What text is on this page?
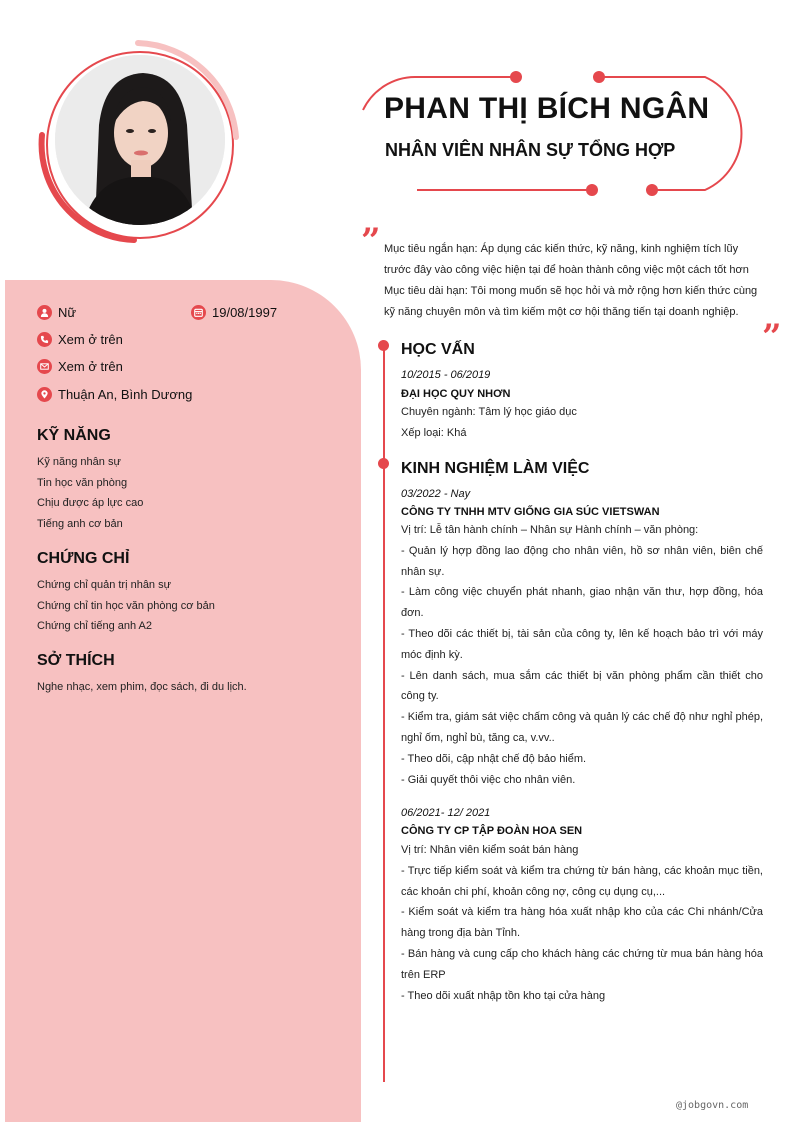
PHAN THỊ BÍCH NGÂN
NHÂN VIÊN NHÂN SỰ TỔNG HỢP
” Mục tiêu ngắn hạn: Áp dụng các kiến thức, kỹ năng, kinh nghiệm tích lũy trước đây vào công việc hiện tại để hoàn thành công việc một cách tốt hơn

Mục tiêu dài hạn: Tôi mong muốn sẽ học hỏi và mở rộng hơn kiến thức cùng kỹ năng chuyên môn và tìm kiếm một cơ hội thăng tiến tại doanh nghiệp.

”
Nữ	19/08/1997
Xem ở trên
Xem ở trên
Thuận An, Bình Dương
KỸ NĂNG
Kỹ năng nhân sự
Tin học văn phòng
Chịu được áp lực cao
Tiếng anh cơ bản
CHỨNG CHỈ
Chứng chỉ quản trị nhân sự
Chứng chỉ tin học văn phòng cơ bản
Chứng chỉ tiếng anh A2
SỞ THÍCH
Nghe nhạc, xem phim, đọc sách, đi du lịch.
HỌC VẤN
10/2015 - 06/2019
ĐẠI HỌC QUY NHƠN
Chuyên ngành: Tâm lý học giáo dục
Xếp loại: Khá
KINH NGHIỆM LÀM VIỆC
03/2022 - Nay
CÔNG TY TNHH MTV GIỐNG GIA SÚC VIETSWAN
Vị trí: Lễ tân hành chính – Nhân sự Hành chính – văn phòng:
- Quản lý hợp đồng lao động cho nhân viên, hồ sơ nhân viên, biên chế nhân sự.
- Làm công việc chuyển phát nhanh, giao nhận văn thư, hợp đồng, hóa đơn.
- Theo dõi các thiết bị, tài sản của công ty, lên kế hoạch bảo trì với máy móc định kỳ.
- Lên danh sách, mua sắm các thiết bị văn phòng phẩm cần thiết cho công ty.
- Kiểm tra, giám sát việc chấm công và quản lý các chế độ như nghỉ phép, nghỉ ốm, nghỉ bù, tăng ca, v.vv..
- Theo dõi, cập nhật chế độ bảo hiểm.
- Giải quyết thôi việc cho nhân viên.
06/2021- 12/ 2021
CÔNG TY CP TẬP ĐOÀN HOA SEN
Vị trí: Nhân viên kiểm soát bán hàng
- Trực tiếp kiểm soát và kiểm tra chứng từ bán hàng, các khoản mục tiền, các khoản chi phí, khoản công nợ, công cụ dụng cụ,...
- Kiểm soát và kiểm tra hàng hóa xuất nhập kho của các Chi nhánh/Cửa hàng trong địa bàn Tỉnh.
- Bán hàng và cung cấp cho khách hàng các chứng từ mua bán hàng hóa trên ERP
- Theo dõi xuất nhập tồn kho tại cửa hàng
@jobgovn.com
